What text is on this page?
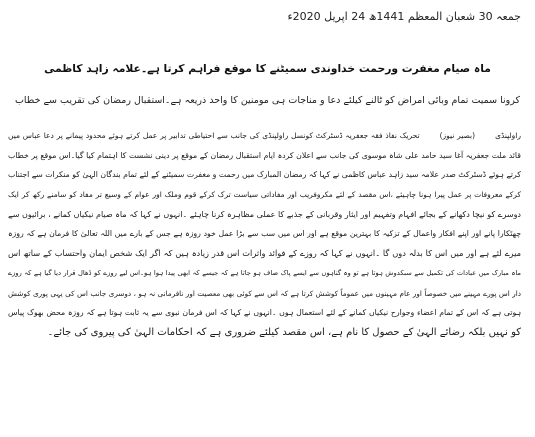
جمعہ 30 شعبان المعظم 1441ھ 24 اپریل 2020ء
ماہ صیام مغفرت ورحمت خداوندی سمیٹنے کا موقع فراہم کرتا ہے۔علامہ زاہد کاظمی
کرونا سمیت تمام وبائی امراض کو ٹالنے کیلئے دعا و مناجات ہی مومنین کا واحد ذریعہ ہے۔استقبال رمضان کی تقریب سے خطاب
راولپنڈی(بصیر نیوز)تحریک نفاذ فقہ جعفریہ ڈسٹرکٹ کونسل راولپنڈی کی جانب سے احتیاطی تدابیر پر عمل کرتے ہوئے محدود پیمانے پر دعا عباس میں
قائد ملت جعفریہ آغا سید حامد علی شاہ موسوی کی جانب سے اعلان کردہ ایام استقبال رمضان کے موقع پر دینی نشست کا اہتمام کیا گیا۔اس موقع پر خطاب
کرتے ہوئے ڈسٹرکٹ صدر علامہ سید زاہد عباس کاظمی نے کہا کہ رمضان المبارک میں رحمت و مغفرت سمیٹنے کے لئے تمام بندگان الہیٰ کو منکرات سے اجتناب
کرکے معروفات پر عمل پیرا ہونا چاہیئے ،اس مقصد کے لئے مکروفریب اور مفاداتی سیاست ترک کرکے قوم وملک اور عوام کے وسیع تر مفاد کو سامنے رکھ کر ایک
دوسرے کو نیچا دکھانے کے بجائے افہام وتفہیم اور ایثار وقربانی کے جذبے کا عملی مظاہرہ کرنا چاہئے ۔انہوں نے کہا کہ ماہ صیام نیکیاں کمانے ، برائیوں سے
چھٹکارا پانے اور اپنے افکار واعمال کے تزکیہ کا بہترین موقع ہے اور اس میں سب سے بڑا عمل خود روزہ ہے جس کے بارے میں اللہ تعالیٰ کا فرمان ہے کہ روزہ
میرے لئے ہے اور میں اس کا بدلہ دوں گا ۔انہوں نے کہا کہ روزے کے فوائد واثرات اس قدر زیادہ ہیں کہ اگر ایک شخص ایمان واحتساب کے ساتھ اس
ماہ مبارک میں عبادات کی تکمیل سے سبکدوش ہوتا ہے تو وہ گناہوں سے ایسے پاک صاف ہو جاتا ہے کہ جیسے کہ ابھی پیدا ہوا ہو۔اس لیے روزے کو ڈھال قرار دیا گیا ہے کہ روزے
دار اس پورے مہینے میں خصوصاً اور عام مہینوں میں عموماً کوشش کرتا ہے کہ اس سے کوئی بھی معصیت اور نافرمانی نہ ہو ، دوسری جانب اس کی یہی پوری کوشش
ہوتی ہے کہ اس کے تمام اعضاء وجوارح نیکیاں کمانے کے لئے استعمال ہوں ۔انہوں نے کہا کہ اس فرمان نبوی سے یہ ثابت ہوتا ہے کہ روزہ محض بھوک پیاس
کو نہیں بلکہ رضائے الہیٰ کے حصول کا نام ہے، اس مقصد کیلئے ضروری ہے کہ احکامات الہیٰ کی پیروی کی جائے۔
